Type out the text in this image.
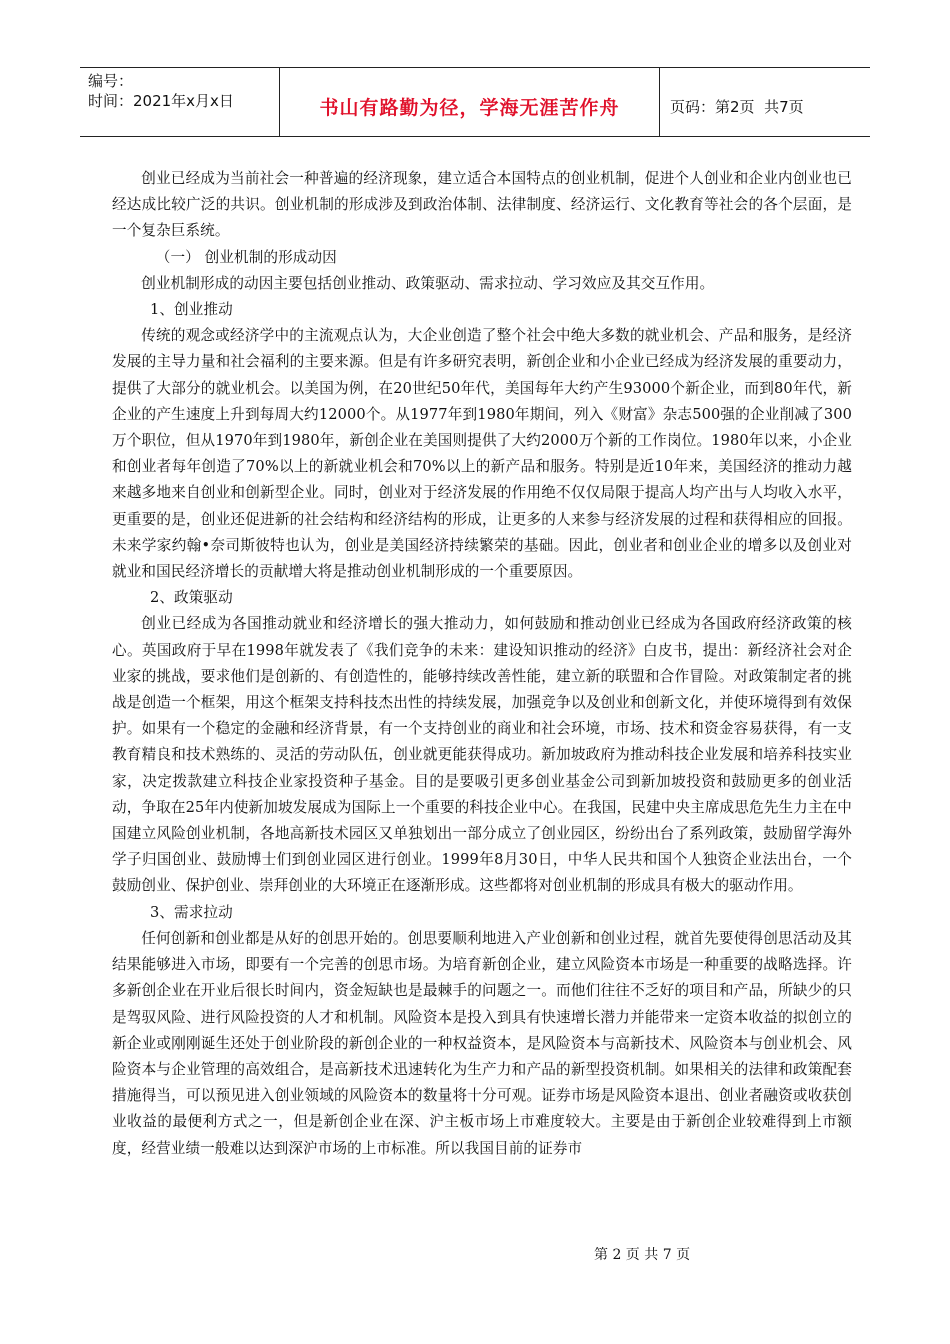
编号：
时间：2021年x月x日	书山有路勤为径，学海无涯苦作舟	页码：第2页  共7页

创业已经成为当前社会一种普遍的经济现象，建立适合本国特点的创业机制，促进个人创业和企业内创业也已经达成比较广泛的共识。创业机制的形成涉及到政治体制、法律制度、经济运行、文化教育等社会的各个层面，是一个复杂巨系统。

（一） 创业机制的形成动因

创业机制形成的动因主要包括创业推动、政策驱动、需求拉动、学习效应及其交互作用。

1、创业推动

传统的观念或经济学中的主流观点认为，大企业创造了整个社会中绝大多数的就业机会、产品和服务，是经济发展的主导力量和社会福利的主要来源。但是有许多研究表明，新创企业和小企业已经成为经济发展的重要动力，提供了大部分的就业机会。以美国为例，在20世纪50年代，美国每年大约产生93000个新企业，而到80年代，新企业的产生速度上升到每周大约12000个。从1977年到1980年期间，列入《财富》杂志500强的企业削减了300万个职位，但从1970年到1980年，新创企业在美国则提供了大约2000万个新的工作岗位。1980年以来，小企业和创业者每年创造了70%以上的新就业机会和70%以上的新产品和服务。特别是近10年来，美国经济的推动力越来越多地来自创业和创新型企业。同时，创业对于经济发展的作用绝不仅仅局限于提高人均产出与人均收入水平，更重要的是，创业还促进新的社会结构和经济结构的形成，让更多的人来参与经济发展的过程和获得相应的回报。未来学家约翰•奈司斯彼特也认为，创业是美国经济持续繁荣的基础。因此，创业者和创业企业的增多以及创业对就业和国民经济增长的贡献增大将是推动创业机制形成的一个重要原因。

2、政策驱动

创业已经成为各国推动就业和经济增长的强大推动力，如何鼓励和推动创业已经成为各国政府经济政策的核心。英国政府于早在1998年就发表了《我们竞争的未来：建设知识推动的经济》白皮书，提出：新经济社会对企业家的挑战，要求他们是创新的、有创造性的，能够持续改善性能，建立新的联盟和合作冒险。对政策制定者的挑战是创造一个框架，用这个框架支持科技杰出性的持续发展，加强竞争以及创业和创新文化，并使环境得到有效保护。如果有一个稳定的金融和经济背景，有一个支持创业的商业和社会环境，市场、技术和资金容易获得，有一支教育精良和技术熟练的、灵活的劳动队伍，创业就更能获得成功。新加坡政府为推动科技企业发展和培养科技实业家，决定拨款建立科技企业家投资种子基金。目的是要吸引更多创业基金公司到新加坡投资和鼓励更多的创业活动，争取在25年内使新加坡发展成为国际上一个重要的科技企业中心。在我国，民建中央主席成思危先生力主在中国建立风险创业机制，各地高新技术园区又单独划出一部分成立了创业园区，纷纷出台了系列政策，鼓励留学海外学子归国创业、鼓励博士们到创业园区进行创业。1999年8月30日，中华人民共和国个人独资企业法出台，一个鼓励创业、保护创业、崇拜创业的大环境正在逐渐形成。这些都将对创业机制的形成具有极大的驱动作用。

3、需求拉动

任何创新和创业都是从好的创思开始的。创思要顺利地进入产业创新和创业过程，就首先要使得创思活动及其结果能够进入市场，即要有一个完善的创思市场。为培育新创企业，建立风险资本市场是一种重要的战略选择。许多新创企业在开业后很长时间内，资金短缺也是最棘手的问题之一。而他们往往不乏好的项目和产品，所缺少的只是驾驭风险、进行风险投资的人才和机制。风险资本是投入到具有快速增长潜力并能带来一定资本收益的拟创立的新企业或刚刚诞生还处于创业阶段的新创企业的一种权益资本，是风险资本与高新技术、风险资本与创业机会、风险资本与企业管理的高效组合，是高新技术迅速转化为生产力和产品的新型投资机制。如果相关的法律和政策配套措施得当，可以预见进入创业领域的风险资本的数量将十分可观。证券市场是风险资本退出、创业者融资或收获创业收益的最便利方式之一，但是新创企业在深、沪主板市场上市难度较大。主要是由于新创企业较难得到上市额度，经营业绩一般难以达到深沪市场的上市标准。所以我国目前的证券市

第 2 页 共 7 页
